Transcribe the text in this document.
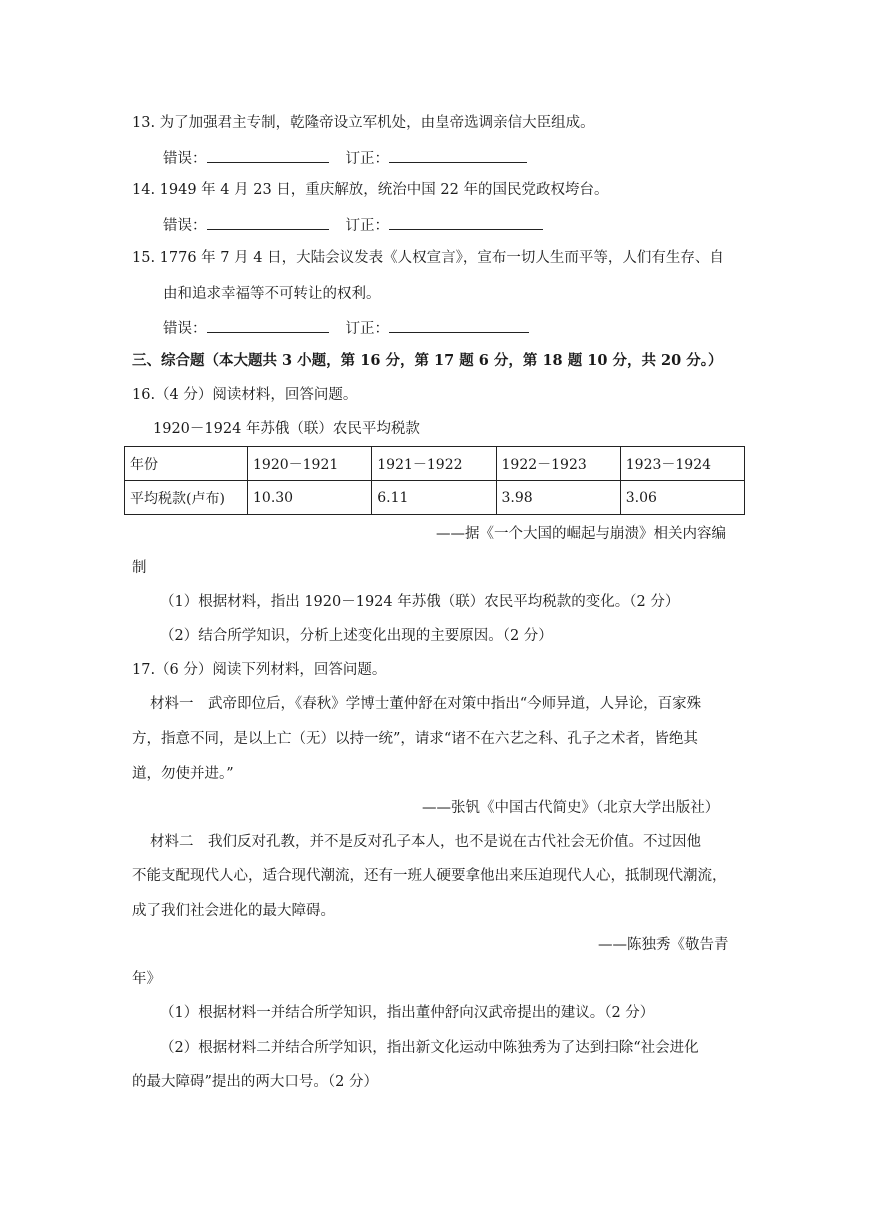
13. 为了加强君主专制，乾隆帝设立军机处，由皇帝选调亲信大臣组成。
错误：	订正：
14. 1949 年 4 月 23 日，重庆解放，统治中国 22 年的国民党政权垮台。
错误：	订正：
15. 1776 年 7 月 4 日，大陆会议发表《人权宣言》，宣布一切人生而平等，人们有生存、自
由和追求幸福等不可转让的权利。
错误：	订正：
三、综合题（本大题共 3 小题，第 16 分，第 17 题 6 分，第 18 题 10 分，共 20 分。）
16.（4 分）阅读材料，回答问题。
1920－1924 年苏俄（联）农民平均税款
年份	1920－1921	1921－1922	1922－1923	1923－1924
平均税款(卢布)	10.30	6.11	3.98	3.06
——据《一个大国的崛起与崩溃》相关内容编
制
（1）根据材料，指出 1920－1924 年苏俄（联）农民平均税款的变化。（2 分）
（2）结合所学知识，分析上述变化出现的主要原因。（2 分）
17.（6 分）阅读下列材料，回答问题。
材料一　武帝即位后，《春秋》学博士董仲舒在对策中指出“今师异道，人异论，百家殊
方，指意不同，是以上亡（无）以持一统”，请求“诸不在六艺之科、孔子之术者，皆绝其
道，勿使并进。”
——张钒《中国古代简史》（北京大学出版社）
材料二　我们反对孔教，并不是反对孔子本人，也不是说在古代社会无价值。不过因他
不能支配现代人心，适合现代潮流，还有一班人硬要拿他出来压迫现代人心，抵制现代潮流，
成了我们社会进化的最大障碍。
——陈独秀《敬告青
年》
（1）根据材料一并结合所学知识，指出董仲舒向汉武帝提出的建议。（2 分）
（2）根据材料二并结合所学知识，指出新文化运动中陈独秀为了达到扫除“社会进化
的最大障碍”提出的两大口号。（2 分）
